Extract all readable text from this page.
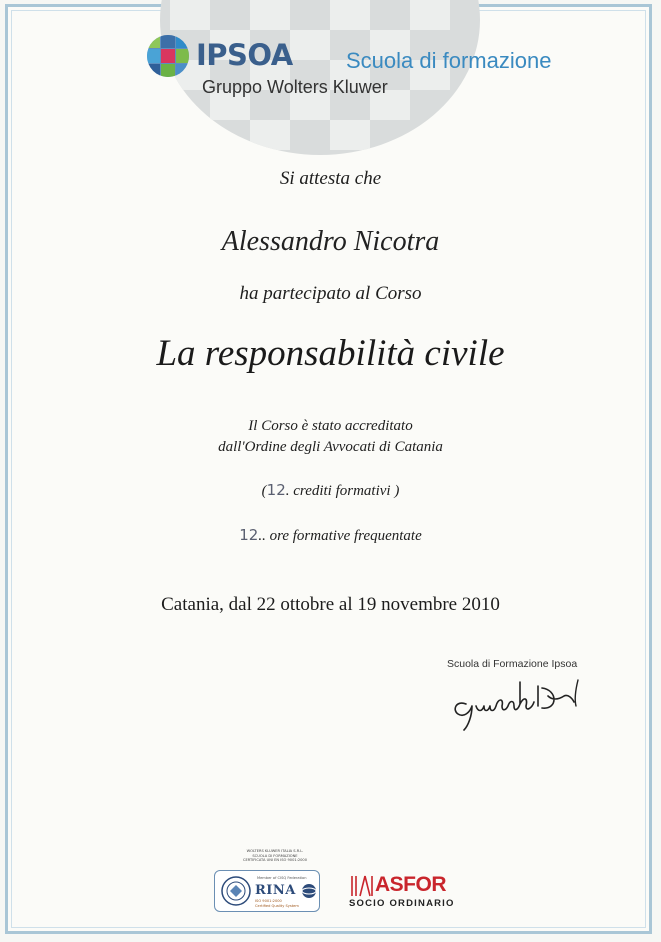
IPSOA Scuola di formazione
Gruppo Wolters Kluwer
Si attesta che
Alessandro Nicotra
ha partecipato al Corso
La responsabilità civile
Il Corso è stato accreditato
dall'Ordine degli Avvocati di Catania
(12. crediti formativi )
12.. ore formative frequentate
Catania, dal 22 ottobre al 19 novembre 2010
Scuola di Formazione Ipsoa
WOLTERS KLUWER ITALIA S.R.L.
SCUOLA DI FORMAZIONE
CERTIFICATA UNI EN ISO 9001:2000
Member of CISQ Federation
RINA
ISO 9001:2000
Certified Quality System
ASFOR
SOCIO ORDINARIO
